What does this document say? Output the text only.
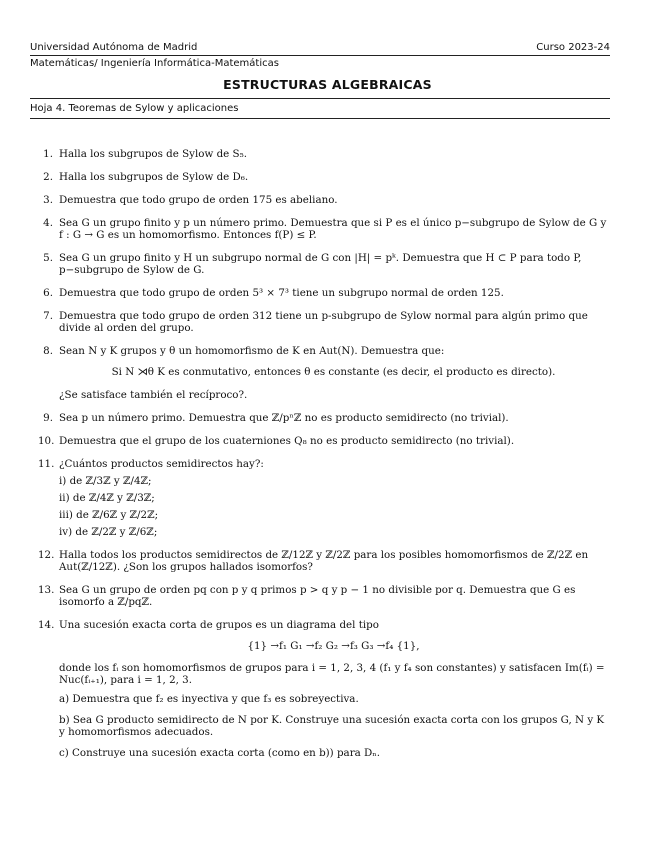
Universidad Autónoma de Madrid	Curso 2023-24
Matemáticas/ Ingeniería Informática-Matemáticas
ESTRUCTURAS ALGEBRAICAS
Hoja 4. Teoremas de Sylow y aplicaciones
1. Halla los subgrupos de Sylow de S₅.

2. Halla los subgrupos de Sylow de D₆.

3. Demuestra que todo grupo de orden 175 es abeliano.

4. Sea G un grupo finito y p un número primo. Demuestra que si P es el único p−subgrupo de Sylow de G y f : G → G es un homomorfismo. Entonces f(P) ≤ P.

5. Sea G un grupo finito y H un subgrupo normal de G con |H| = pᵏ. Demuestra que H ⊂ P para todo P, p−subgrupo de Sylow de G.

6. Demuestra que todo grupo de orden 5³ × 7³ tiene un subgrupo normal de orden 125.

7. Demuestra que todo grupo de orden 312 tiene un p-subgrupo de Sylow normal para algún primo que divide al orden del grupo.

8. Sean N y K grupos y θ un homomorfismo de K en Aut(N). Demuestra que:

Si N ⋊θ K es conmutativo, entonces θ es constante (es decir, el producto es directo).

¿Se satisface también el recíproco?.

9. Sea p un número primo. Demuestra que ℤ/pⁿℤ no es producto semidirecto (no trivial).

10. Demuestra que el grupo de los cuaterniones Q₈ no es producto semidirecto (no trivial).

11. ¿Cuántos productos semidirectos hay?:

i) de ℤ/3ℤ y ℤ/4ℤ;
ii) de ℤ/4ℤ y ℤ/3ℤ;
iii) de ℤ/6ℤ y ℤ/2ℤ;
iv) de ℤ/2ℤ y ℤ/6ℤ;
12. Halla todos los productos semidirectos de ℤ/12ℤ y ℤ/2ℤ para los posibles homomorfismos de ℤ/2ℤ en Aut(ℤ/12ℤ). ¿Son los grupos hallados isomorfos?

13. Sea G un grupo de orden pq con p y q primos p > q y p − 1 no divisible por q. Demuestra que G es isomorfo a ℤ/pqℤ.

14. Una sucesión exacta corta de grupos es un diagrama del tipo

{1} →f₁ G₁ →f₂ G₂ →f₃ G₃ →f₄ {1},

donde los fᵢ son homomorfismos de grupos para i = 1, 2, 3, 4 (f₁ y f₄ son constantes) y satisfacen Im(fᵢ) = Nuc(fᵢ₊₁), para i = 1, 2, 3.

a) Demuestra que f₂ es inyectiva y que f₃ es sobreyectiva.

b) Sea G producto semidirecto de N por K. Construye una sucesión exacta corta con los grupos G, N y K y homomorfismos adecuados.

c) Construye una sucesión exacta corta (como en b)) para Dₙ.
